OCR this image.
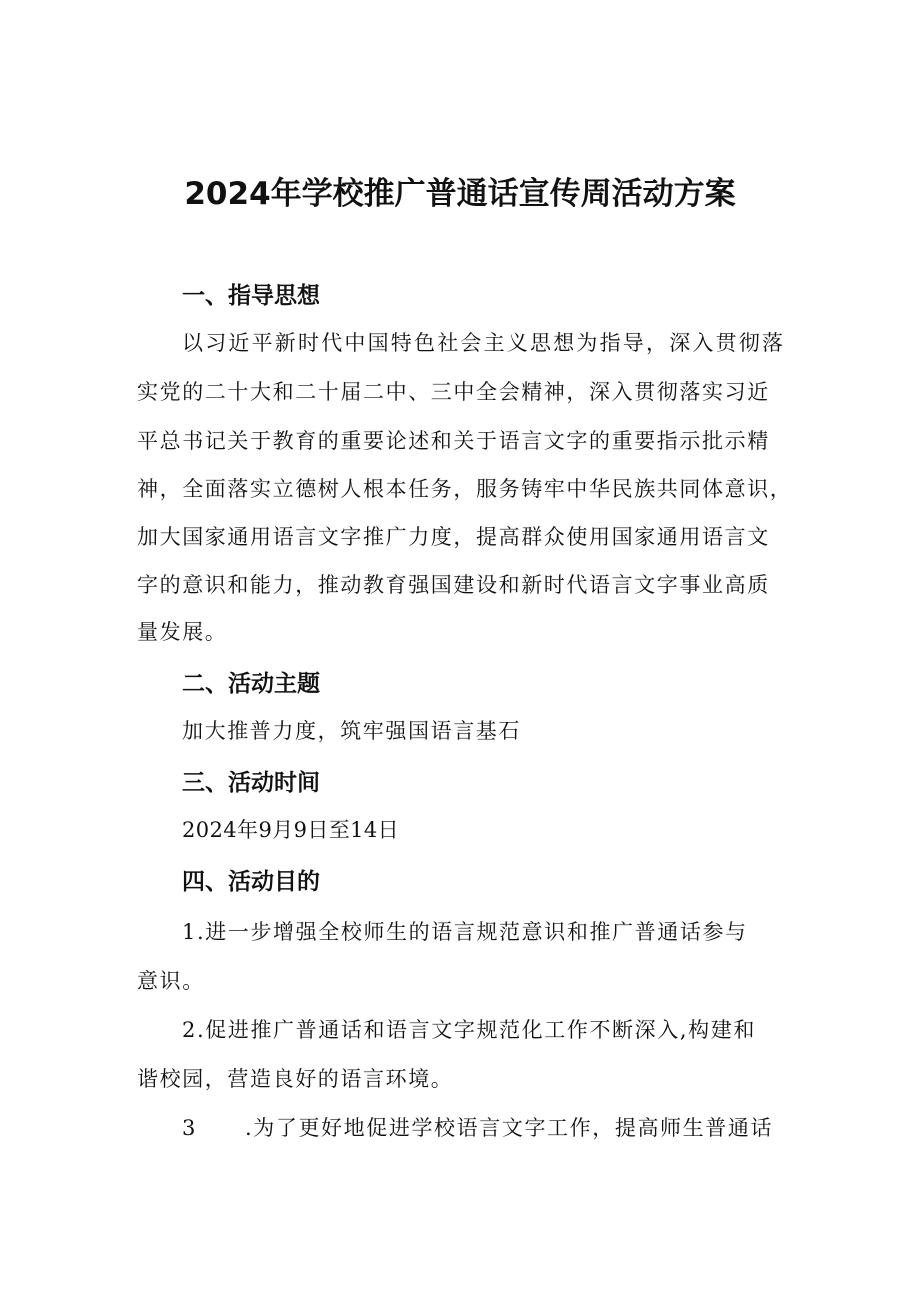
2024年学校推广普通话宣传周活动方案
一、指导思想
以习近平新时代中国特色社会主义思想为指导，深入贯彻落
实党的二十大和二十届二中、三中全会精神，深入贯彻落实习近
平总书记关于教育的重要论述和关于语言文字的重要指示批示精
神，全面落实立德树人根本任务，服务铸牢中华民族共同体意识，
加大国家通用语言文字推广力度，提高群众使用国家通用语言文
字的意识和能力，推动教育强国建设和新时代语言文字事业高质
量发展。
二、活动主题
加大推普力度，筑牢强国语言基石
三、活动时间
2024年9月9日至14日
四、活动目的
1.进一步增强全校师生的语言规范意识和推广普通话参与
意识。
2.促进推广普通话和语言文字规范化工作不断深入,构建和
谐校园，营造良好的语言环境。
3 .为了更好地促进学校语言文字工作，提高师生普通话
